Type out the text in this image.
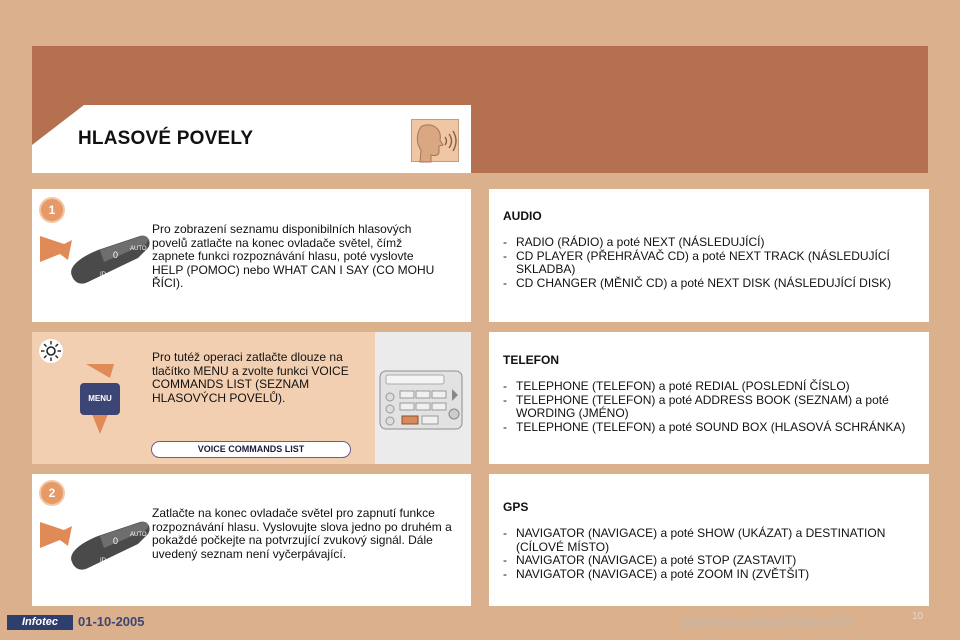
HLASOVÉ POVELY
1
0
AUTO
ID
Pro zobrazení seznamu disponibilních hlasových povelů zatlačte na konec ovladače světel, čímž zapnete funkci rozpoznávání hlasu, poté vyslovte HELP (POMOC) nebo WHAT CAN I SAY (CO MOHU ŘÍCI).
MENU
Pro tutéž operaci zatlačte dlouze na tlačítko MENU a zvolte funkci VOICE COMMANDS LIST (SEZNAM HLASOVÝCH POVELŮ).
VOICE COMMANDS LIST
2
0
AUTO
ID
Zatlačte na konec ovladače světel pro zapnutí funkce rozpoznávání hlasu. Vyslovujte slova jedno po druhém a pokaždé počkejte na potvrzující zvukový signál. Dále uvedený seznam není vyčerpávající.
AUDIO
- RADIO (RÁDIO) a poté NEXT (NÁSLEDUJÍCÍ)
- CD PLAYER (PŘEHRÁVAČ CD) a poté NEXT TRACK (NÁSLEDUJÍCÍ SKLADBA)
- CD CHANGER (MĚNIČ CD) a poté NEXT DISK (NÁSLEDUJÍCÍ DISK)
TELEFON
- TELEPHONE (TELEFON) a poté REDIAL (POSLEDNÍ ČÍSLO)
- TELEPHONE (TELEFON) a poté ADDRESS BOOK (SEZNAM) a poté WORDING (JMÉNO)
- TELEPHONE (TELEFON) a poté SOUND BOX (HLASOVÁ SCHRÁNKA)
GPS
- NAVIGATOR (NAVIGACE) a poté SHOW (UKÁZAT) a DESTINATION (CÍLOVÉ MÍSTO)
- NAVIGATOR (NAVIGACE) a poté STOP (ZASTAVIT)
- NAVIGATOR (NAVIGACE) a poté ZOOM IN (ZVĚTŠIT)
Infotec	01-10-2005	carmanualsonline.info	10
